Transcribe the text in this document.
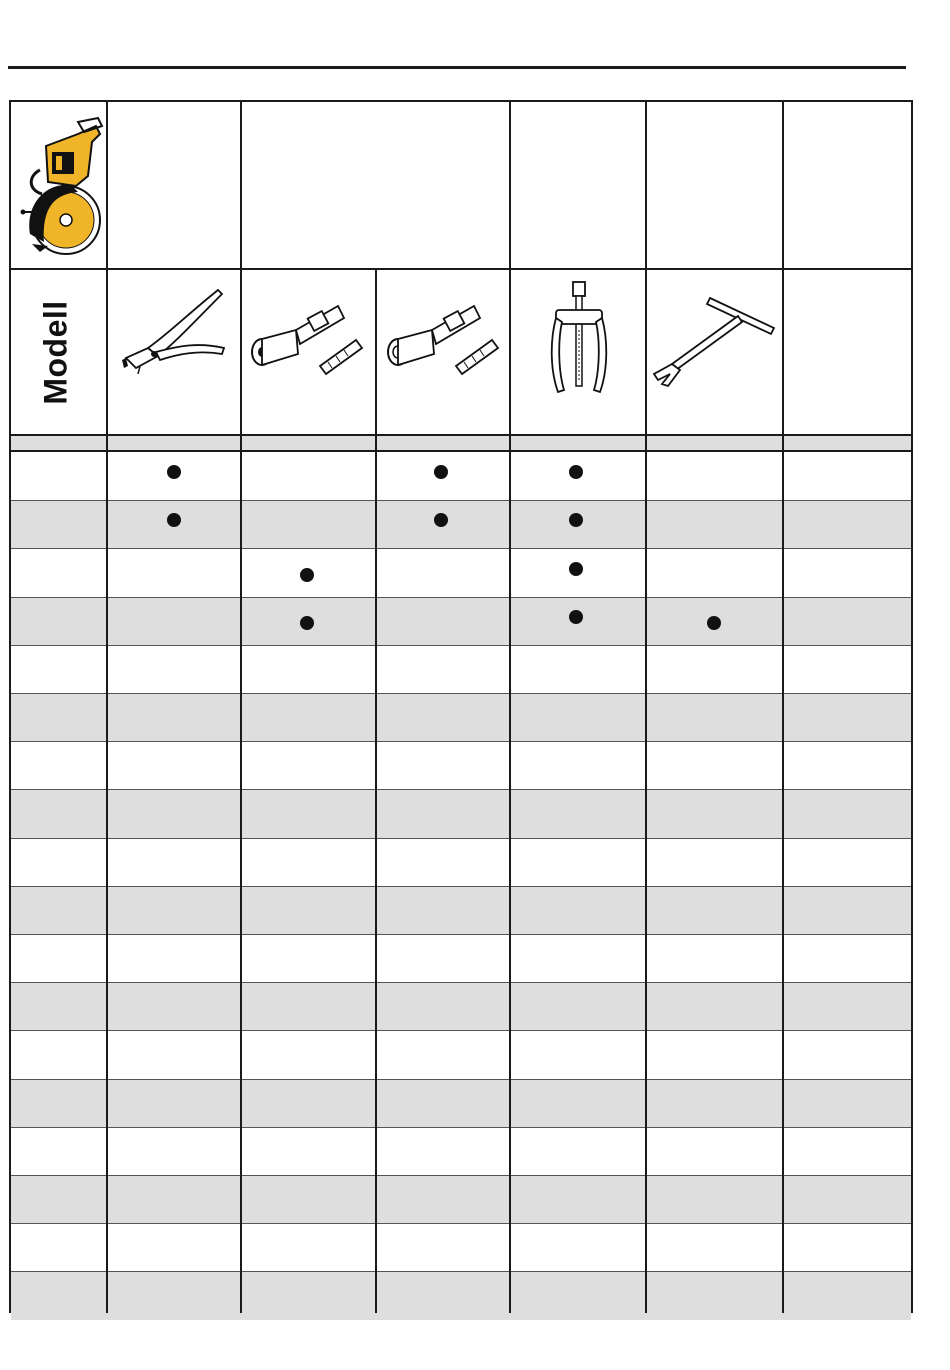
Modell
